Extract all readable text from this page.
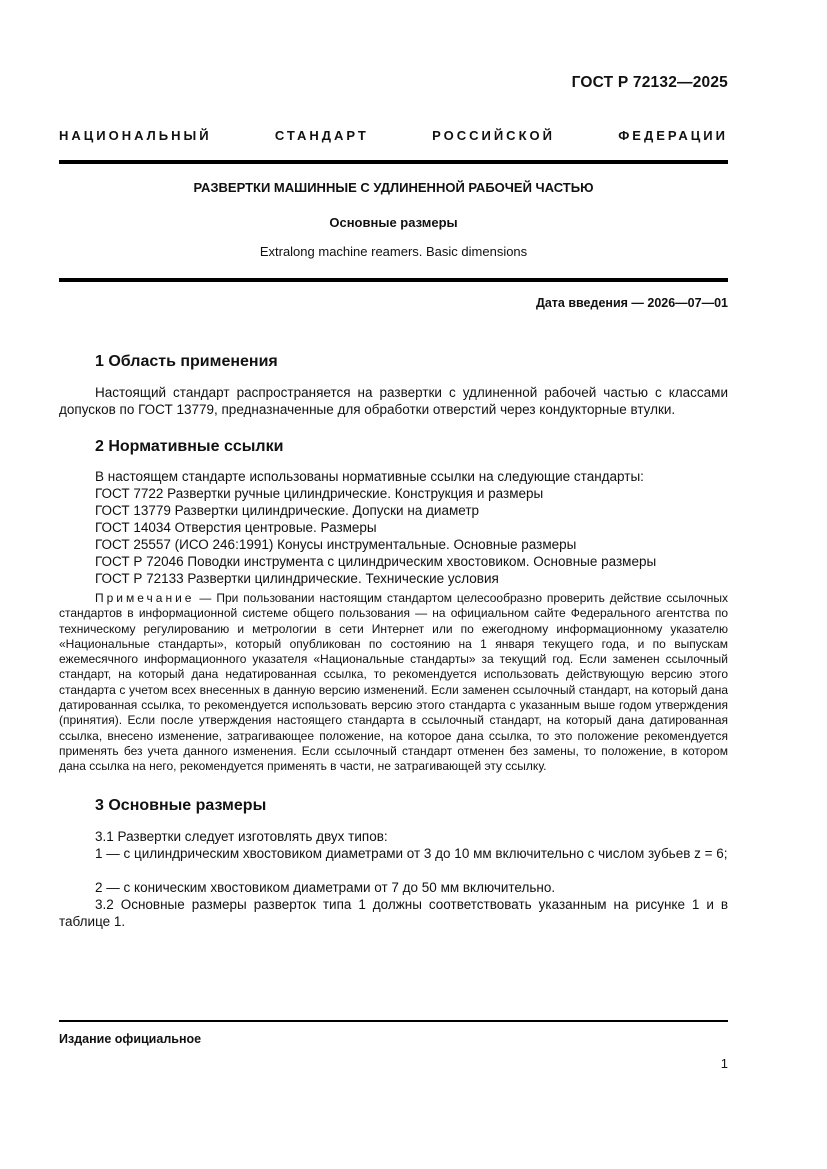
ГОСТ Р 72132—2025
НАЦИОНАЛЬНЫЙ СТАНДАРТ РОССИЙСКОЙ ФЕДЕРАЦИИ
РАЗВЕРТКИ МАШИННЫЕ С УДЛИНЕННОЙ РАБОЧЕЙ ЧАСТЬЮ
Основные размеры
Extralong machine reamers. Basic dimensions
Дата введения — 2026—07—01
1 Область применения

Настоящий стандарт распространяется на развертки с удлиненной рабочей частью с классами допусков по ГОСТ 13779, предназначенные для обработки отверстий через кондукторные втулки.

2 Нормативные ссылки
В настоящем стандарте использованы нормативные ссылки на следующие стандарты:
ГОСТ 7722 Развертки ручные цилиндрические. Конструкция и размеры
ГОСТ 13779 Развертки цилиндрические. Допуски на диаметр
ГОСТ 14034 Отверстия центровые. Размеры
ГОСТ 25557 (ИСО 246:1991) Конусы инструментальные. Основные размеры
ГОСТ Р 72046 Поводки инструмента с цилиндрическим хвостовиком. Основные размеры
ГОСТ Р 72133 Развертки цилиндрические. Технические условия

Примечание — При пользовании настоящим стандартом целесообразно проверить действие ссылочных стандартов в информационной системе общего пользования — на официальном сайте Федерального агентства по техническому регулированию и метрологии в сети Интернет или по ежегодному информационному указателю «Национальные стандарты», который опубликован по состоянию на 1 января текущего года, и по выпускам ежемесячного информационного указателя «Национальные стандарты» за текущий год. Если заменен ссылочный стандарт, на который дана недатированная ссылка, то рекомендуется использовать действующую версию этого стандарта с учетом всех внесенных в данную версию изменений. Если заменен ссылочный стандарт, на который дана датированная ссылка, то рекомендуется использовать версию этого стандарта с указанным выше годом утверждения (принятия). Если после утверждения настоящего стандарта в ссылочный стандарт, на который дана датированная ссылка, внесено изменение, затрагивающее положение, на которое дана ссылка, то это положение рекомендуется применять без учета данного изменения. Если ссылочный стандарт отменен без замены, то положение, в котором дана ссылка на него, рекомендуется применять в части, не затрагивающей эту ссылку.

3 Основные размеры

3.1 Развертки следует изготовлять двух типов:

1 — с цилиндрическим хвостовиком диаметрами от 3 до 10 мм включительно с числом зубьев z = 6;

2 — с коническим хвостовиком диаметрами от 7 до 50 мм включительно.

3.2 Основные размеры разверток типа 1 должны соответствовать указанным на рисунке 1 и в таблице 1.

Издание официальное
1
